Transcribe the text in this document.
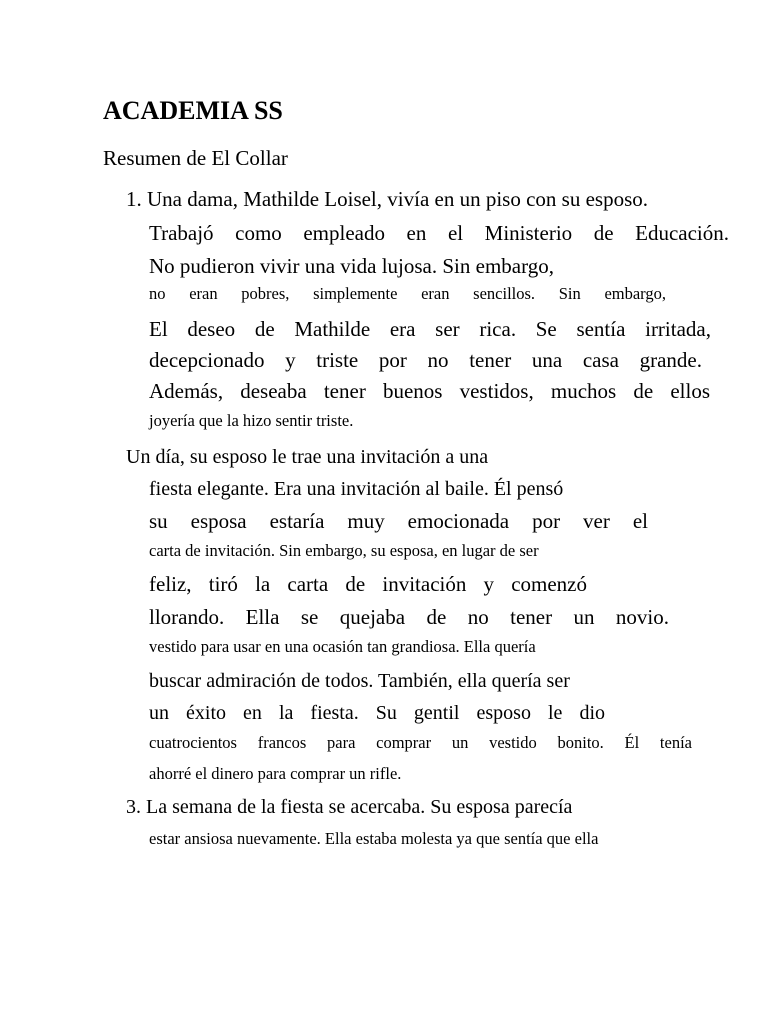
ACADEMIA SS
Resumen de El Collar

1. Una dama, Mathilde Loisel, vivía en un piso con su esposo.

Trabajó como empleado en el Ministerio de Educación.

No pudieron vivir una vida lujosa. Sin embargo,

no eran pobres, simplemente eran sencillos. Sin embargo,

El deseo de Mathilde era ser rica. Se sentía irritada,

decepcionado y triste por no tener una casa grande.

Además, deseaba tener buenos vestidos, muchos de ellos

joyería que la hizo sentir triste.

Un día, su esposo le trae una invitación a una

fiesta elegante. Era una invitación al baile. Él pensó

su esposa estaría muy emocionada por ver el

carta de invitación. Sin embargo, su esposa, en lugar de ser

feliz, tiró la carta de invitación y comenzó

llorando. Ella se quejaba de no tener un novio.

vestido para usar en una ocasión tan grandiosa. Ella quería

buscar admiración de todos. También, ella quería ser

un éxito en la fiesta. Su gentil esposo le dio

cuatrocientos francos para comprar un vestido bonito. Él tenía

ahorré el dinero para comprar un rifle.

3. La semana de la fiesta se acercaba. Su esposa parecía

estar ansiosa nuevamente. Ella estaba molesta ya que sentía que ella
